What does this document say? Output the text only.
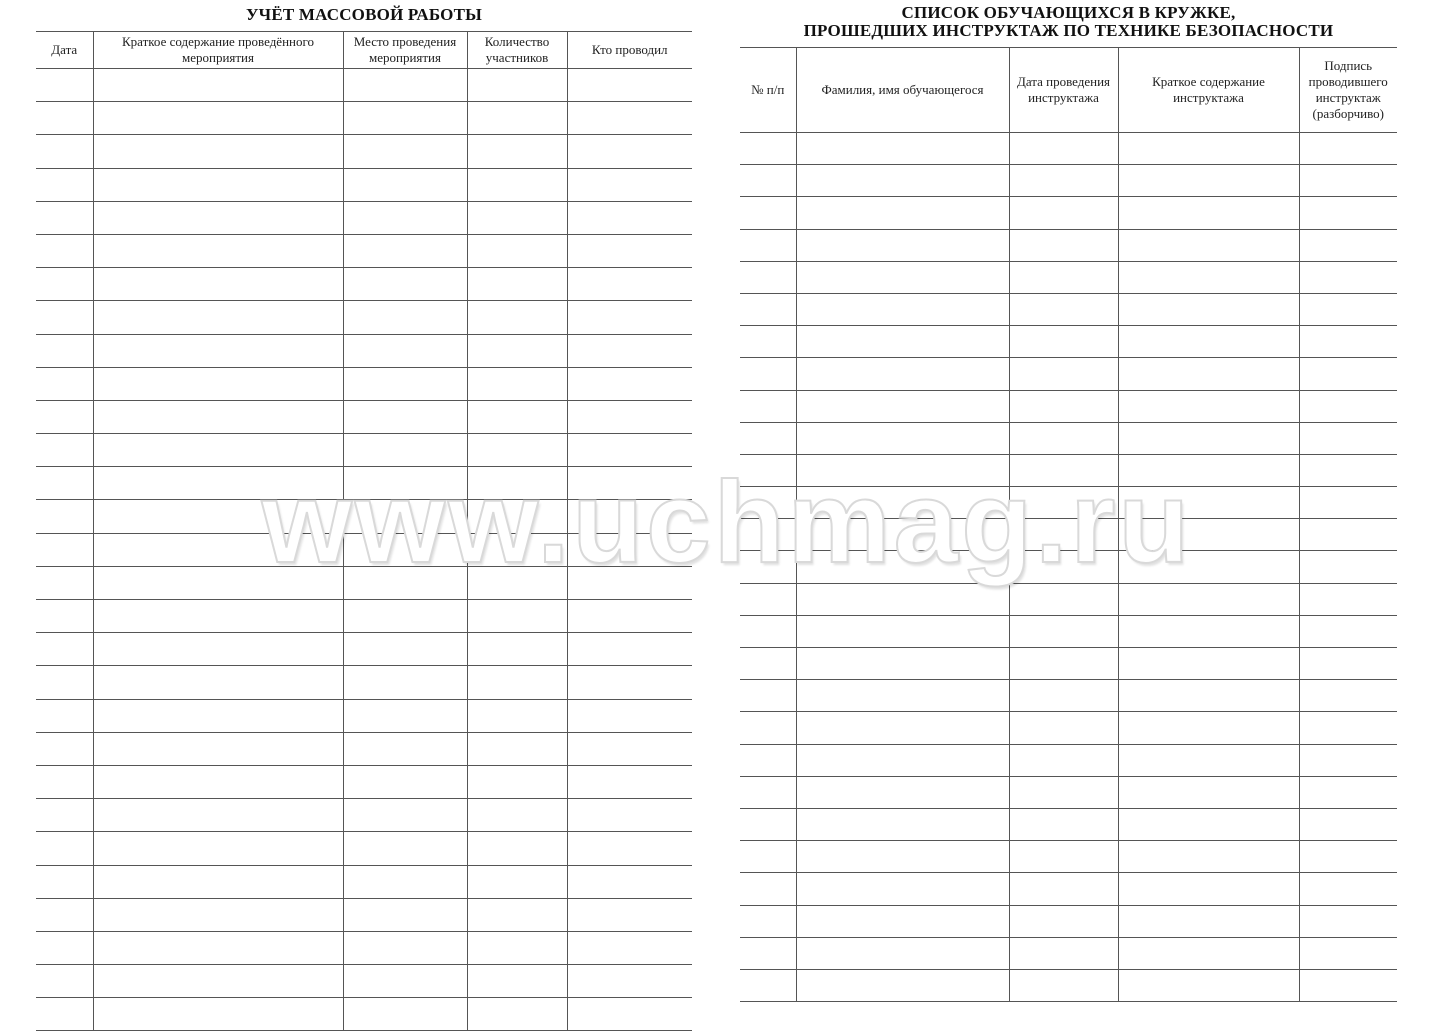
УЧЁТ МАССОВОЙ РАБОТЫ
Дата	Краткое содержание проведённого мероприятия	Место проведения мероприятия	Количество участников	Кто проводил

СПИСОК ОБУЧАЮЩИХСЯ В КРУЖКЕ,
ПРОШЕДШИХ ИНСТРУКТАЖ ПО ТЕХНИКЕ БЕЗОПАСНОСТИ
№ п/п	Фамилия, имя обучающегося	Дата проведения инструктажа	Краткое содержание инструктажа	Подпись проводившего инструктаж (разборчиво)

www.uchmag.ru
